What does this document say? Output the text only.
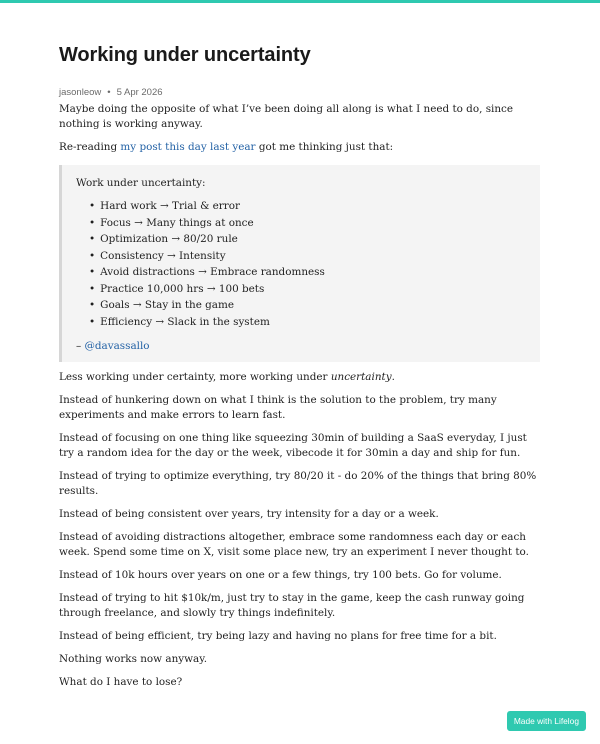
Working under uncertainty
jasonleow • 5 Apr 2026

Maybe doing the opposite of what I’ve been doing all along is what I need to do, since nothing is working anyway.

Re-reading my post this day last year got me thinking just that:

Work under uncertainty:
• Hard work → Trial & error
• Focus → Many things at once
• Optimization → 80/20 rule
• Consistency → Intensity
• Avoid distractions → Embrace randomness
• Practice 10,000 hrs → 100 bets
• Goals → Stay in the game
• Efficiency → Slack in the system
– @davassallo

Less working under certainty, more working under uncertainty.

Instead of hunkering down on what I think is the solution to the problem, try many experiments and make errors to learn fast.

Instead of focusing on one thing like squeezing 30min of building a SaaS everyday, I just try a random idea for the day or the week, vibecode it for 30min a day and ship for fun.

Instead of trying to optimize everything, try 80/20 it - do 20% of the things that bring 80% results.

Instead of being consistent over years, try intensity for a day or a week.

Instead of avoiding distractions altogether, embrace some randomness each day or each week. Spend some time on X, visit some place new, try an experiment I never thought to.

Instead of 10k hours over years on one or a few things, try 100 bets. Go for volume.

Instead of trying to hit $10k/m, just try to stay in the game, keep the cash runway going through freelance, and slowly try things indefinitely.

Instead of being efficient, try being lazy and having no plans for free time for a bit.

Nothing works now anyway.

What do I have to lose?

Made with Lifelog
